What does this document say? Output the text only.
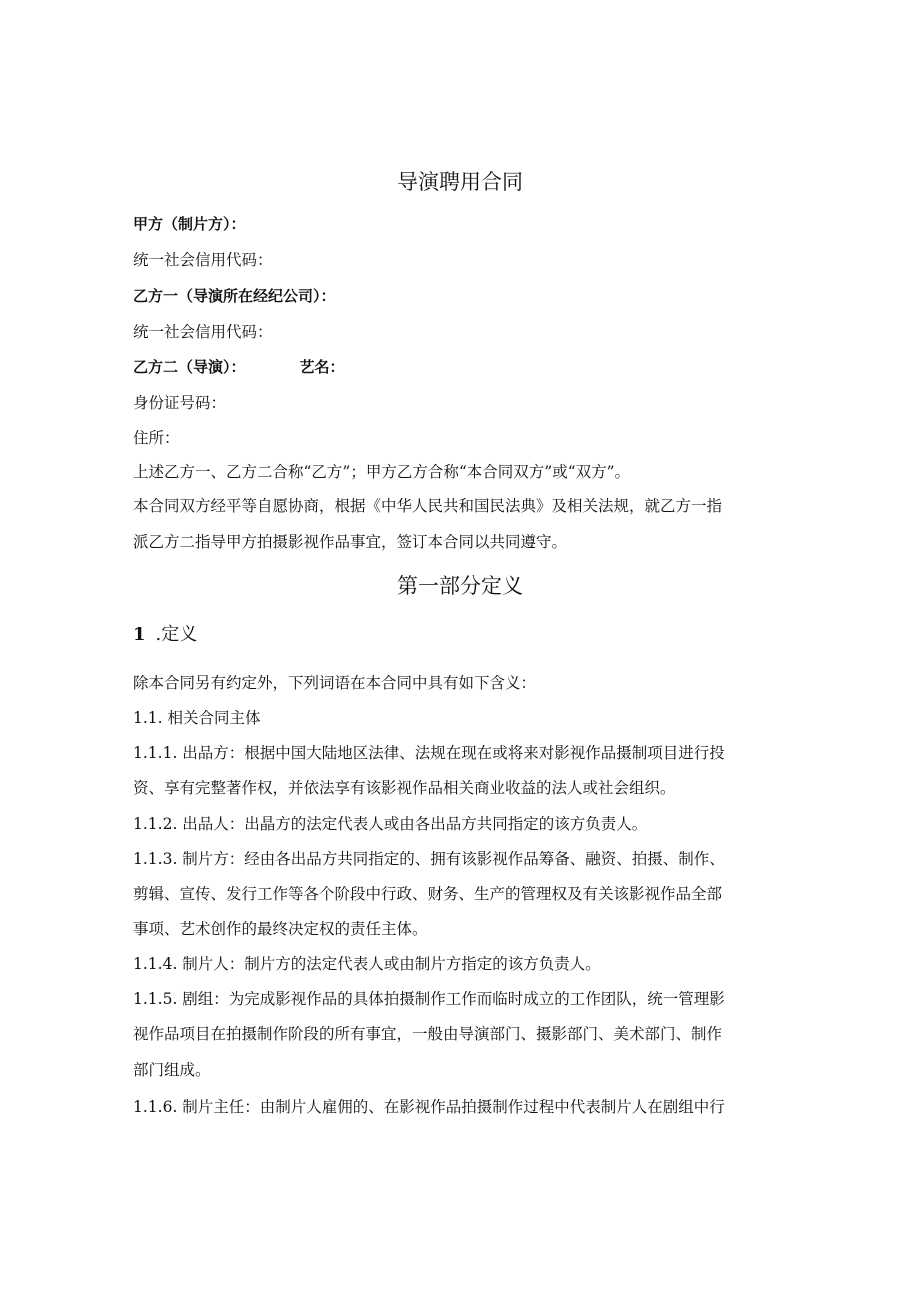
导演聘用合同
甲方（制片方）：
统一社会信用代码：
乙方一（导演所在经纪公司）：
统一社会信用代码：
乙方二（导演）：	艺名：
身份证号码：
住所：
上述乙方一、乙方二合称“乙方”；甲方乙方合称“本合同双方”或“双方”。
本合同双方经平等自愿协商，根据《中华人民共和国民法典》及相关法规，就乙方一指
派乙方二指导甲方拍摄影视作品事宜，签订本合同以共同遵守。
第一部分定义
1 .定义
除本合同另有约定外，下列词语在本合同中具有如下含义：
1.1. 相关合同主体
1.1.1. 出品方：根据中国大陆地区法律、法规在现在或将来对影视作品摄制项目进行投
资、享有完整著作权，并依法享有该影视作品相关商业收益的法人或社会组织。
1.1.2. 出品人：出晶方的法定代表人或由各出品方共同指定的该方负责人。
1.1.3. 制片方：经由各出品方共同指定的、拥有该影视作品筹备、融资、拍摄、制作、
剪辑、宣传、发行工作等各个阶段中行政、财务、生产的管理权及有关该影视作品全部
事项、艺术创作的最终决定权的责任主体。
1.1.4. 制片人：制片方的法定代表人或由制片方指定的该方负责人。
1.1.5. 剧组：为完成影视作品的具体拍摄制作工作而临时成立的工作团队，统一管理影
视作品项目在拍摄制作阶段的所有事宜，一般由导演部门、摄影部门、美术部门、制作
部门组成。
1.1.6. 制片主任：由制片人雇佣的、在影视作品拍摄制作过程中代表制片人在剧组中行
